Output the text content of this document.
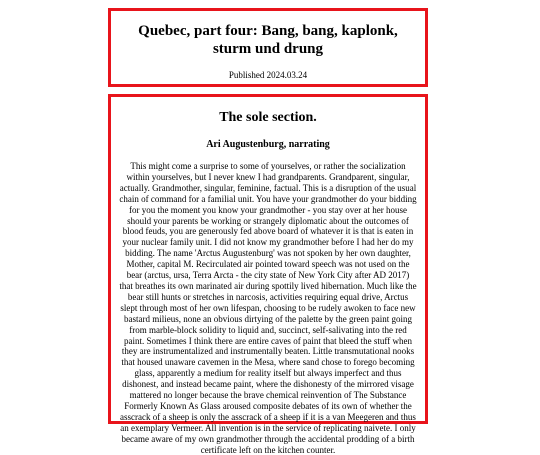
Quebec, part four: Bang, bang, kaplonk, sturm und drung

Published 2024.03.24

The sole section.

Ari Augustenburg, narrating

This might come a surprise to some of yourselves, or rather the socialization within yourselves, but I never knew I had grandparents. Grandparent, singular, actually. Grandmother, singular, feminine, factual. This is a disruption of the usual chain of command for a familial unit. You have your grandmother do your bidding for you the moment you know your grandmother - you stay over at her house should your parents be working or strangely diplomatic about the outcomes of blood feuds, you are generously fed above board of whatever it is that is eaten in your nuclear family unit. I did not know my grandmother before I had her do my bidding. The name 'Arctus Augustenburg' was not spoken by her own daughter, Mother, capital M. Recirculated air pointed toward speech was not used on the bear (arctus, ursa, Terra Arcta - the city state of New York City after AD 2017) that breathes its own marinated air during spottily lived hibernation. Much like the bear still hunts or stretches in narcosis, activities requiring equal drive, Arctus slept through most of her own lifespan, choosing to be rudely awoken to face new bastard milieus, none an obvious dirtying of the palette by the green paint going from marble-block solidity to liquid and, succinct, self-salivating into the red paint. Sometimes I think there are entire caves of paint that bleed the stuff when they are instrumentalized and instrumentally beaten. Little transmutational nooks that housed unaware cavemen in the Mesa, where sand chose to forego becoming glass, apparently a medium for reality itself but always imperfect and thus dishonest, and instead became paint, where the dishonesty of the mirrored visage mattered no longer because the brave chemical reinvention of The Substance Formerly Known As Glass aroused composite debates of its own of whether the asscrack of a sheep is only the asscrack of a sheep if it is a van Meegeren and thus an exemplary Vermeer. All invention is in the service of replicating naivete. I only became aware of my own grandmother through the accidental prodding of a birth certificate left on the kitchen counter.
